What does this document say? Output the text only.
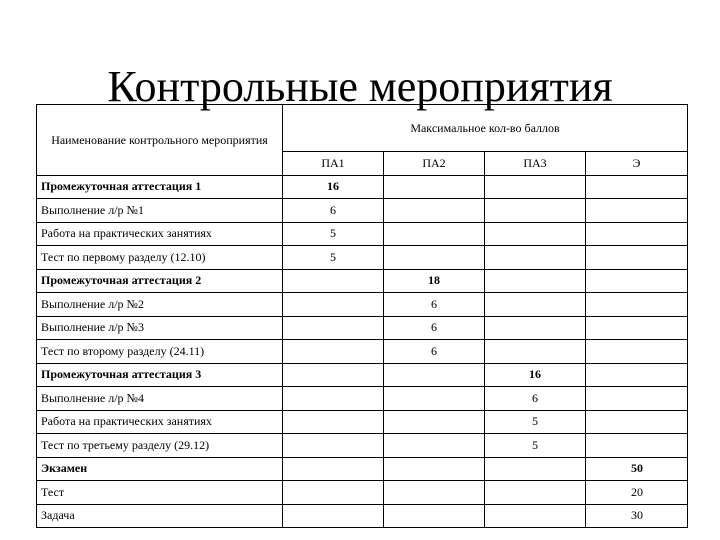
Контрольные мероприятия
Наименование контрольного мероприятия	Максимальное кол-во баллов			
	ПА1	ПА2	ПА3	Э
Промежуточная аттестация 1	16			
Выполнение л/р №1	6			
Работа на практических занятиях	5			
Тест по первому разделу (12.10)	5			
Промежуточная аттестация 2		18		
Выполнение л/р №2		6		
Выполнение л/р №3		6		
Тест по второму разделу (24.11)		6		
Промежуточная аттестация 3			16	
Выполнение л/р №4			6	
Работа на практических занятиях			5	
Тест по третьему разделу (29.12)			5	
Экзамен				50
Тест				20
Задача				30
